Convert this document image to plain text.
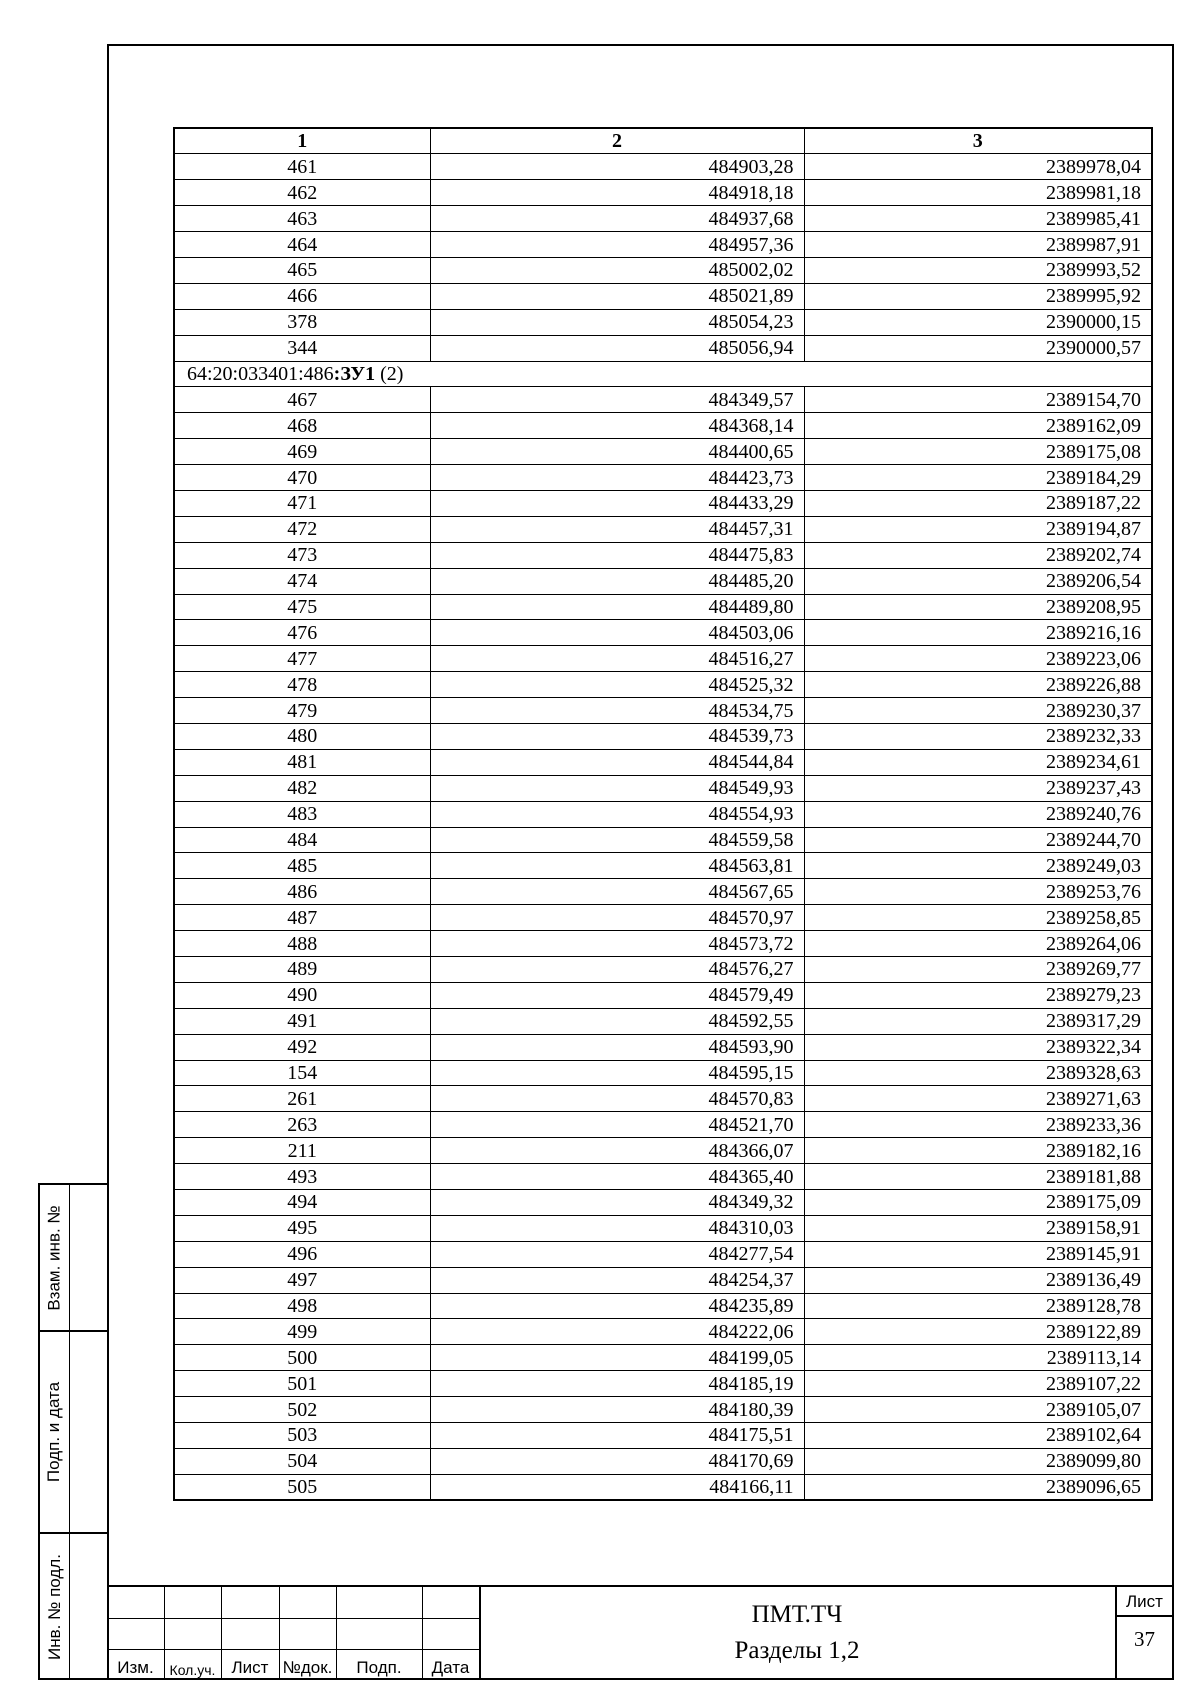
Взам. инв. №
Подп. и дата
Инв. № подл.
1	2	3
461	484903,28	2389978,04
462	484918,18	2389981,18
463	484937,68	2389985,41
464	484957,36	2389987,91
465	485002,02	2389993,52
466	485021,89	2389995,92
378	485054,23	2390000,15
344	485056,94	2390000,57
64:20:033401:486:ЗУ1 (2)		
467	484349,57	2389154,70
468	484368,14	2389162,09
469	484400,65	2389175,08
470	484423,73	2389184,29
471	484433,29	2389187,22
472	484457,31	2389194,87
473	484475,83	2389202,74
474	484485,20	2389206,54
475	484489,80	2389208,95
476	484503,06	2389216,16
477	484516,27	2389223,06
478	484525,32	2389226,88
479	484534,75	2389230,37
480	484539,73	2389232,33
481	484544,84	2389234,61
482	484549,93	2389237,43
483	484554,93	2389240,76
484	484559,58	2389244,70
485	484563,81	2389249,03
486	484567,65	2389253,76
487	484570,97	2389258,85
488	484573,72	2389264,06
489	484576,27	2389269,77
490	484579,49	2389279,23
491	484592,55	2389317,29
492	484593,90	2389322,34
154	484595,15	2389328,63
261	484570,83	2389271,63
263	484521,70	2389233,36
211	484366,07	2389182,16
493	484365,40	2389181,88
494	484349,32	2389175,09
495	484310,03	2389158,91
496	484277,54	2389145,91
497	484254,37	2389136,49
498	484235,89	2389128,78
499	484222,06	2389122,89
500	484199,05	2389113,14
501	484185,19	2389107,22
502	484180,39	2389105,07
503	484175,51	2389102,64
504	484170,69	2389099,80
505	484166,11	2389096,65
Изм.	Кол.уч. Лист №док.	Подп.	Дата
ПМТ.ТЧ
Разделы 1,2
Лист
37
